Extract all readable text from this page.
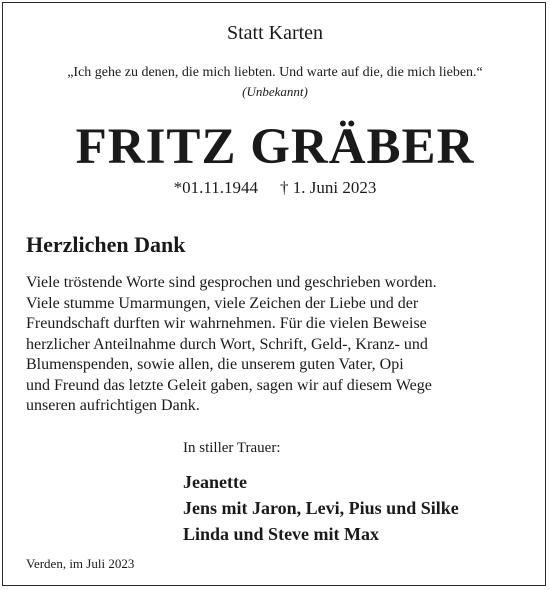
Statt Karten
„Ich gehe zu denen, die mich liebten. Und warte auf die, die mich lieben.“
(Unbekannt)
FRITZ GRÄBER
*01.11.1944 † 1. Juni 2023
Herzlichen Dank
Viele tröstende Worte sind gesprochen und geschrieben worden.
Viele stumme Umarmungen, viele Zeichen der Liebe und der
Freundschaft durften wir wahrnehmen. Für die vielen Beweise
herzlicher Anteilnahme durch Wort, Schrift, Geld-, Kranz- und
Blumenspenden, sowie allen, die unserem guten Vater, Opi
und Freund das letzte Geleit gaben, sagen wir auf diesem Wege
unseren aufrichtigen Dank.
In stiller Trauer:
Jeanette
Jens mit Jaron, Levi, Pius und Silke
Linda und Steve mit Max
Verden, im Juli 2023
